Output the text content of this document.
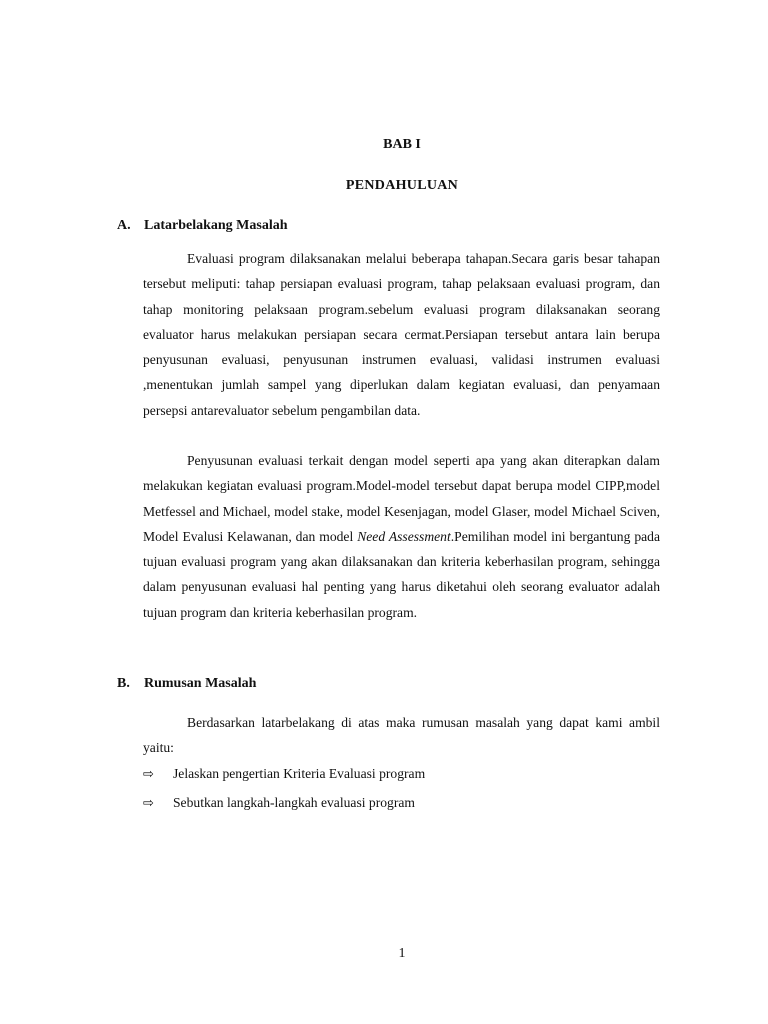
BAB I
PENDAHULUAN
A. Latarbelakang Masalah

Evaluasi program dilaksanakan melalui beberapa tahapan.Secara garis besar tahapan tersebut meliputi: tahap persiapan evaluasi program, tahap pelaksaan evaluasi program, dan tahap monitoring pelaksaan program.sebelum evaluasi program dilaksanakan seorang evaluator harus melakukan persiapan secara cermat.Persiapan tersebut antara lain berupa penyusunan evaluasi, penyusunan instrumen evaluasi, validasi instrumen evaluasi ,menentukan jumlah sampel yang diperlukan dalam kegiatan evaluasi, dan penyamaan persepsi antarevaluator sebelum pengambilan data.

Penyusunan evaluasi terkait dengan model seperti apa yang akan diterapkan dalam melakukan kegiatan evaluasi program.Model-model tersebut dapat berupa model CIPP,model Metfessel and Michael, model stake, model Kesenjagan, model Glaser, model Michael Sciven, Model Evalusi Kelawanan, dan model Need Assessment.Pemilihan model ini bergantung pada tujuan evaluasi program yang akan dilaksanakan dan kriteria keberhasilan program, sehingga dalam penyusunan evaluasi hal penting yang harus diketahui oleh seorang evaluator adalah tujuan program dan kriteria keberhasilan program.

B. Rumusan Masalah

Berdasarkan latarbelakang di atas maka rumusan masalah yang dapat kami ambil yaitu:

⇨ Jelaskan pengertian Kriteria Evaluasi program
⇨ Sebutkan langkah-langkah evaluasi program
1
